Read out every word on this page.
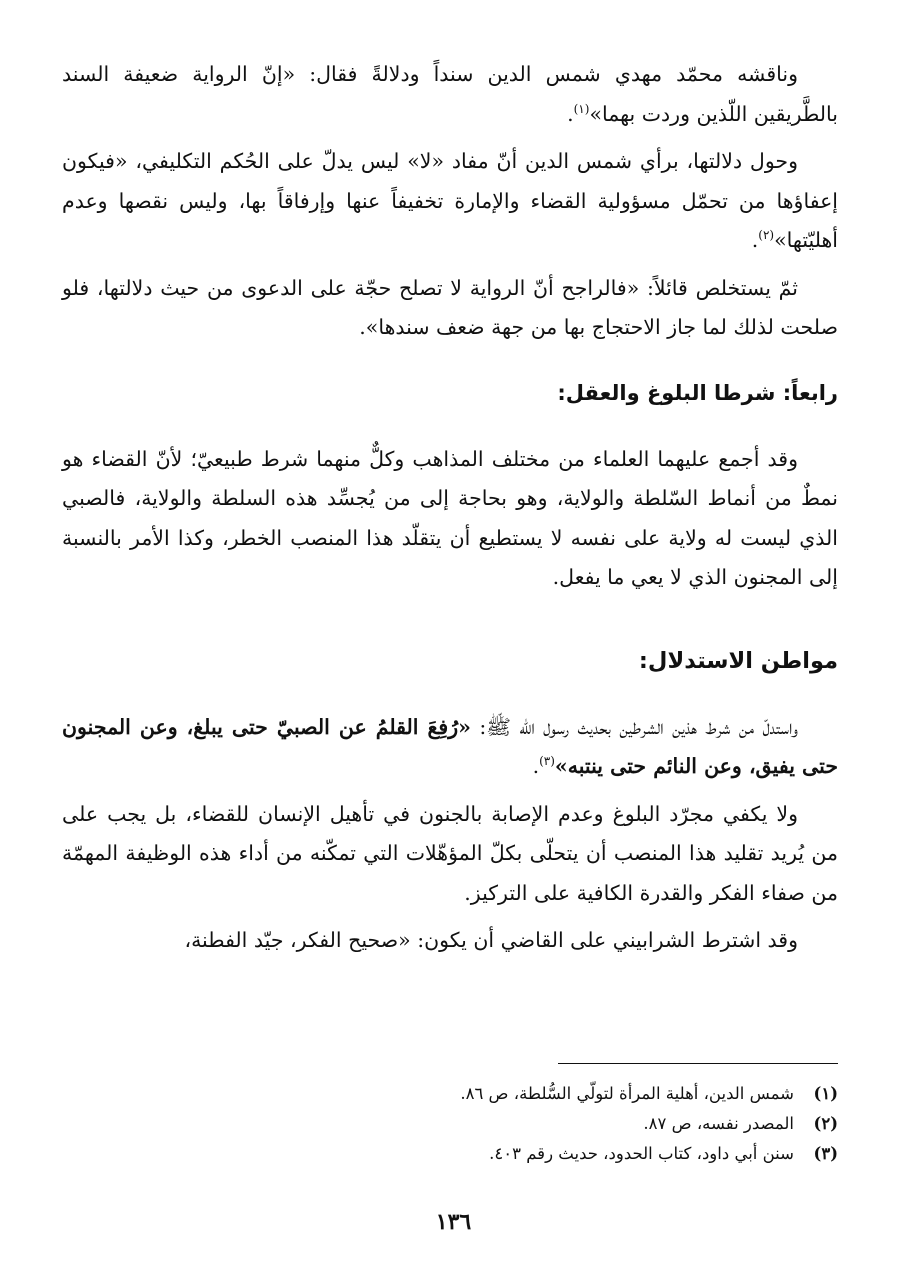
وناقشه محمّد مهدي شمس الدين سنداً ودلالةً فقال: «إنّ الرواية ضعيفة السند بالطَّريقين اللّذين وردت بهما»$^{(١)}$.

وحول دلالتها، برأي شمس الدين أنّ مفاد «لا» ليس يدلّ على الحُكم التكليفي، «فيكون إعفاؤها من تحمّل مسؤولية القضاء والإمارة تخفيفاً عنها وإرفاقاً بها، وليس نقصها وعدم أهليّتها»$^{(٢)}$.

ثمّ يستخلص قائلاً: «فالراجح أنّ الرواية لا تصلح حجّة على الدعوى من حيث دلالتها، فلو صلحت لذلك لما جاز الاحتجاج بها من جهة ضعف سندها».

رابعاً: شرطا البلوغ والعقل:

وقد أجمع عليهما العلماء من مختلف المذاهب وكلٌّ منهما شرط طبيعيّ؛ لأنّ القضاء هو نمطٌ من أنماط السّلطة والولاية، وهو بحاجة إلى من يُجسِّد هذه السلطة والولاية، فالصبي الذي ليست له ولاية على نفسه لا يستطيع أن يتقلّد هذا المنصب الخطر، وكذا الأمر بالنسبة إلى المجنون الذي لا يعي ما يفعل.

مواطن الاستدلال:

واستدلّ من شرط هذين الشرطين بحديث رسول الله ﷺ: «رُفِعَ القلمُ عن الصبيّ حتى يبلغ، وعن المجنون حتى يفيق، وعن النائم حتى ينتبه»$^{(٣)}$.

ولا يكفي مجرّد البلوغ وعدم الإصابة بالجنون في تأهيل الإنسان للقضاء، بل يجب على من يُريد تقليد هذا المنصب أن يتحلّى بكلّ المؤهّلات التي تمكّنه من أداء هذه الوظيفة المهمّة من صفاء الفكر والقدرة الكافية على التركيز.

وقد اشترط الشرابيني على القاضي أن يكون: «صحيح الفكر، جيّد الفطنة،

(١)شمس الدين، أهلية المرأة لتولّي السُّلطة، ص ٨٦.
(٢)المصدر نفسه، ص ٨٧.
(٣)سنن أبي داود، كتاب الحدود، حديث رقم ٤٠٣.
١٣٦
